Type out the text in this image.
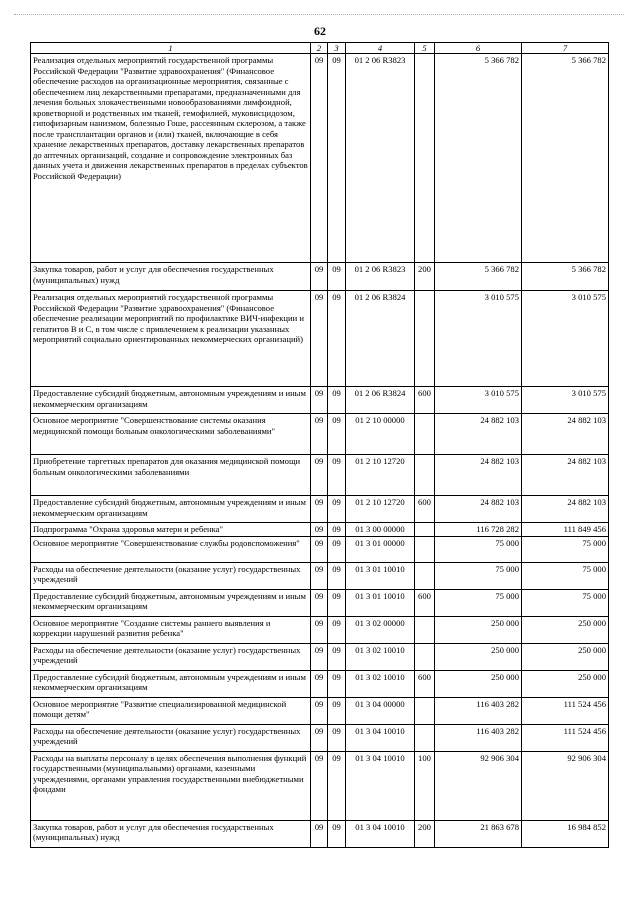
62
1	2	3	4	5	6	7
Реализация отдельных мероприятий государственной программы Российской Федерации "Развитие здравоохранения" (Финансовое обеспечение расходов на организационные мероприятия, связанные с обеспечением лиц лекарственными препаратами, предназначенными для лечения больных злокачественными новообразованиями лимфоидной, кроветворной и родственных им тканей, гемофилией, муковисцидозом, гипофизарным нанизмом, болезнью Гоше, рассеянным склерозом, а также после трансплантации органов и (или) тканей, включающие в себя хранение лекарственных препаратов, доставку лекарственных препаратов до аптечных организаций, создание и сопровождение электронных баз данных учета и движения лекарственных препаратов в пределах субъектов Российской Федерации)	09	09	01 2 06 R3823		5 366 782	5 366 782
Закупка товаров, работ и услуг для обеспечения государственных (муниципальных) нужд	09	09	01 2 06 R3823	200	5 366 782	5 366 782
Реализация отдельных мероприятий государственной программы Российской Федерации "Развитие здравоохранения" (Финансовое обеспечение реализации мероприятий по профилактике ВИЧ-инфекции и гепатитов В и С, в том числе с привлечением к реализации указанных мероприятий социально ориентированных некоммерческих организаций)	09	09	01 2 06 R3824		3 010 575	3 010 575
Предоставление субсидий бюджетным, автономным учреждениям и иным некоммерческим организациям	09	09	01 2 06 R3824	600	3 010 575	3 010 575
Основное мероприятие "Совершенствование системы оказания медицинской помощи больным онкологическими заболеваниями"	09	09	01 2 10 00000		24 882 103	24 882 103
Приобретение таргетных препаратов для оказания медицинской помощи больным онкологическими заболеваниями	09	09	01 2 10 12720		24 882 103	24 882 103
Предоставление субсидий бюджетным, автономным учреждениям и иным некоммерческим организациям	09	09	01 2 10 12720	600	24 882 103	24 882 103
Подпрограмма "Охрана здоровья матери и ребенка"	09	09	01 3 00 00000		116 728 282	111 849 456
Основное мероприятие "Совершенствование службы родовспоможения"	09	09	01 3 01 00000		75 000	75 000
Расходы на обеспечение деятельности (оказание услуг) государственных учреждений	09	09	01 3 01 10010		75 000	75 000
Предоставление субсидий бюджетным, автономным учреждениям и иным некоммерческим организациям	09	09	01 3 01 10010	600	75 000	75 000
Основное мероприятие "Создание системы раннего выявления и коррекции нарушений развития ребенка"	09	09	01 3 02 00000		250 000	250 000
Расходы на обеспечение деятельности (оказание услуг) государственных учреждений	09	09	01 3 02 10010		250 000	250 000
Предоставление субсидий бюджетным, автономным учреждениям и иным некоммерческим организациям	09	09	01 3 02 10010	600	250 000	250 000
Основное мероприятие "Развитие специализированной медицинской помощи детям"	09	09	01 3 04 00000		116 403 282	111 524 456
Расходы на обеспечение деятельности (оказание услуг) государственных учреждений	09	09	01 3 04 10010		116 403 282	111 524 456
Расходы на выплаты персоналу в целях обеспечения выполнения функций государственными (муниципальными) органами, казенными учреждениями, органами управления государственными внебюджетными фондами	09	09	01 3 04 10010	100	92 906 304	92 906 304
Закупка товаров, работ и услуг для обеспечения государственных (муниципальных) нужд	09	09	01 3 04 10010	200	21 863 678	16 984 852
